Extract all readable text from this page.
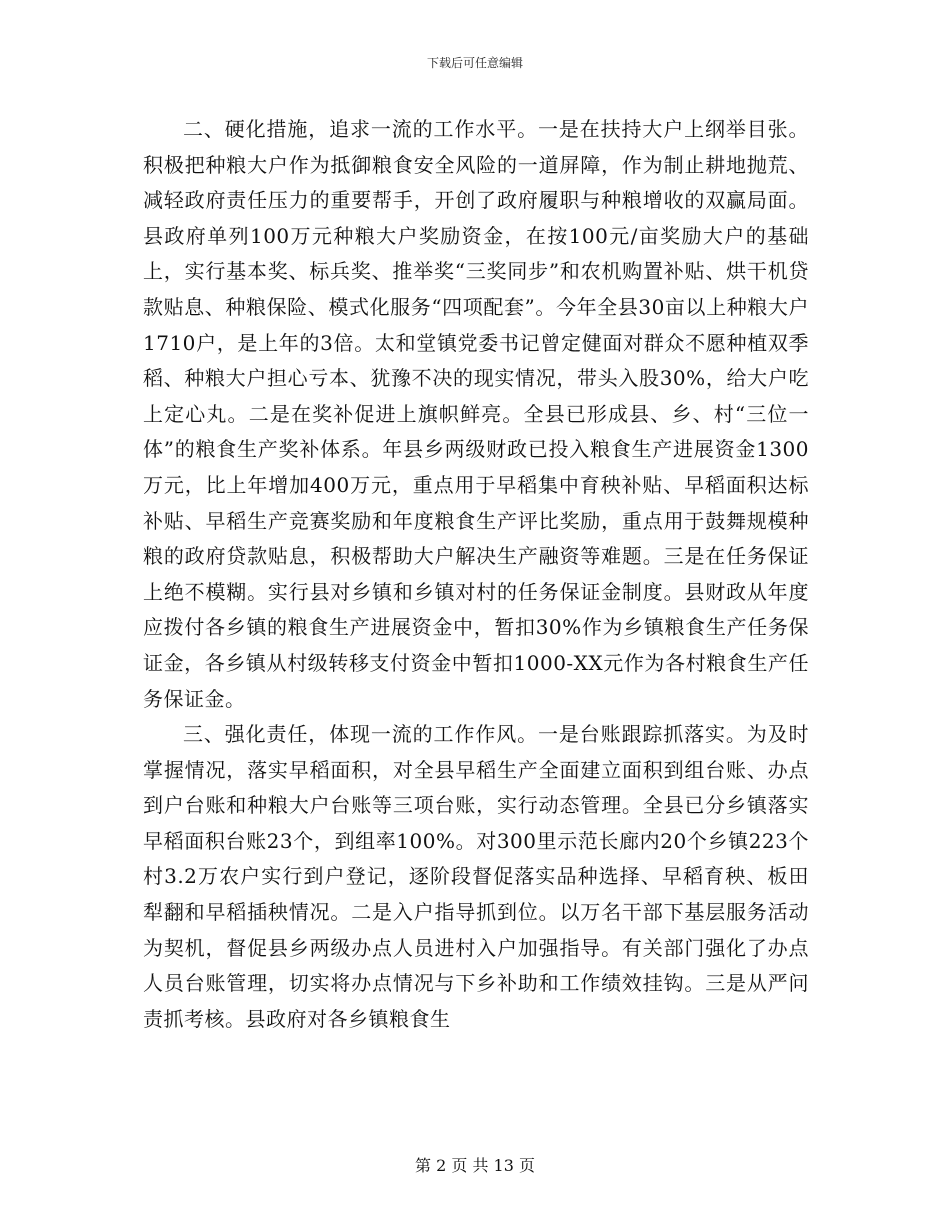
下载后可任意编辑

二、硬化措施，追求一流的工作水平。一是在扶持大户上纲举目张。积极把种粮大户作为抵御粮食安全风险的一道屏障，作为制止耕地抛荒、减轻政府责任压力的重要帮手，开创了政府履职与种粮增收的双赢局面。县政府单列100万元种粮大户奖励资金，在按100元/亩奖励大户的基础上，实行基本奖、标兵奖、推举奖“三奖同步”和农机购置补贴、烘干机贷款贴息、种粮保险、模式化服务“四项配套”。今年全县30亩以上种粮大户1710户，是上年的3倍。太和堂镇党委书记曾定健面对群众不愿种植双季稻、种粮大户担心亏本、犹豫不决的现实情况，带头入股30%，给大户吃上定心丸。二是在奖补促进上旗帜鲜亮。全县已形成县、乡、村“三位一体”的粮食生产奖补体系。年县乡两级财政已投入粮食生产进展资金1300万元，比上年增加400万元，重点用于早稻集中育秧补贴、早稻面积达标补贴、早稻生产竞赛奖励和年度粮食生产评比奖励，重点用于鼓舞规模种粮的政府贷款贴息，积极帮助大户解决生产融资等难题。三是在任务保证上绝不模糊。实行县对乡镇和乡镇对村的任务保证金制度。县财政从年度应拨付各乡镇的粮食生产进展资金中，暂扣30%作为乡镇粮食生产任务保证金，各乡镇从村级转移支付资金中暂扣1000-XX元作为各村粮食生产任务保证金。

三、强化责任，体现一流的工作作风。一是台账跟踪抓落实。为及时掌握情况，落实早稻面积，对全县早稻生产全面建立面积到组台账、办点到户台账和种粮大户台账等三项台账，实行动态管理。全县已分乡镇落实早稻面积台账23个，到组率100%。对300里示范长廊内20个乡镇223个村3.2万农户实行到户登记，逐阶段督促落实品种选择、早稻育秧、板田犁翻和早稻插秧情况。二是入户指导抓到位。以万名干部下基层服务活动为契机，督促县乡两级办点人员进村入户加强指导。有关部门强化了办点人员台账管理，切实将办点情况与下乡补助和工作绩效挂钩。三是从严问责抓考核。县政府对各乡镇粮食生

第 2 页 共 13 页
